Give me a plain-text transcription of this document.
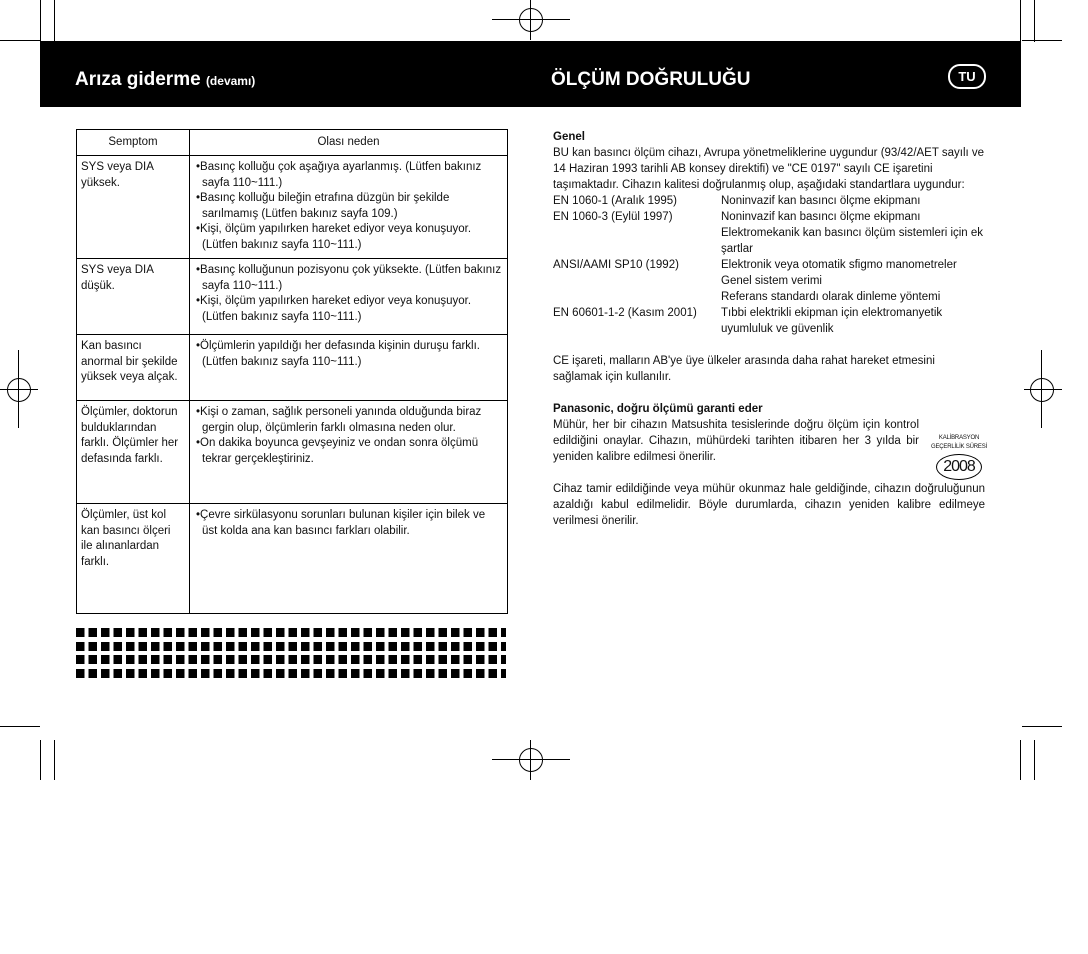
Arıza giderme (devamı)	ÖLÇÜM DOĞRULUĞU	TU
Semptom	Olası neden
SYS veya DIA yüksek.	•Basınç kolluğu çok aşağıya ayarlanmış. (Lütfen bakınız sayfa 110~111.)
•Basınç kolluğu bileğin etrafına düzgün bir şekilde sarılmamış (Lütfen bakınız sayfa 109.)
•Kişi, ölçüm yapılırken hareket ediyor veya konuşuyor. (Lütfen bakınız sayfa 110~111.)

SYS veya DIA düşük.	•Basınç kolluğunun pozisyonu çok yüksekte. (Lütfen bakınız sayfa 110~111.)
•Kişi, ölçüm yapılırken hareket ediyor veya konuşuyor. (Lütfen bakınız sayfa 110~111.)

Kan basıncı anormal bir şekilde yüksek veya alçak.	•Ölçümlerin yapıldığı her defasında kişinin duruşu farklı. (Lütfen bakınız sayfa 110~111.)

Ölçümler, doktorun bulduklarından farklı. Ölçümler her defasında farklı.	•Kişi o zaman, sağlık personeli yanında olduğunda biraz gergin olup, ölçümlerin farklı olmasına neden olur.
•On dakika boyunca gevşeyiniz ve ondan sonra ölçümü tekrar gerçekleştiriniz.

Ölçümler, üst kol kan basıncı ölçeri ile alınanlardan farklı.	•Çevre sirkülasyonu sorunları bulunan kişiler için bilek ve üst kolda ana kan basıncı farkları olabilir.
Genel
BU kan basıncı ölçüm cihazı, Avrupa yönetmeliklerine uygundur (93/42/AET sayılı ve 14 Haziran 1993 tarihli AB konsey direktifi) ve "CE 0197" sayılı CE işaretini taşımaktadır. Cihazın kalitesi doğrulanmış olup, aşağıdaki standartlara uygundur:
EN 1060-1 (Aralık 1995)	Noninvazif kan basıncı ölçme ekipmanı
EN 1060-3 (Eylül 1997)	Noninvazif kan basıncı ölçme ekipmanı
Elektromekanik kan basıncı ölçüm sistemleri için ek şartlar
ANSI/AAMI SP10 (1992)	Elektronik veya otomatik sfigmo manometreler
Genel sistem verimi
Referans standardı olarak dinleme yöntemi
EN 60601-1-2 (Kasım 2001)	Tıbbi elektrikli ekipman için elektromanyetik uyumluluk ve güvenlik
CE işareti, malların AB'ye üye ülkeler arasında daha rahat hareket etmesini sağlamak için kullanılır.
Panasonic, doğru ölçümü garanti eder
Mühür, her bir cihazın Matsushita tesislerinde doğru ölçüm için kontrol edildiğini onaylar. Cihazın, mühürdeki tarihten itibaren her 3 yılda bir yeniden kalibre edilmesi önerilir.
Cihaz tamir edildiğinde veya mühür okunmaz hale geldiğinde, cihazın doğruluğunun azaldığı kabul edilmelidir. Böyle durumlarda, cihazın yeniden kalibre edilmeye verilmesi önerilir.
KALİBRASYON
GEÇERLİLİK SÜRESİ
2008
